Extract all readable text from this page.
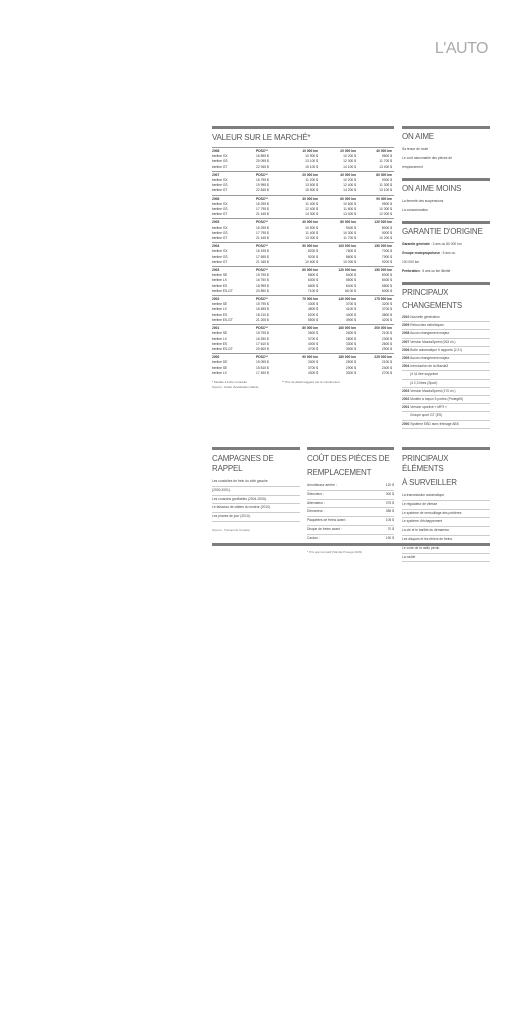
L'AUTO
VALEUR SUR LE MARCHÉ*
2008	PDSC**	10 000 km	20 000 km	40 000 km
berline GX	16 895 $	10 900 $	10 200 $	9600 $
berline GS	20 095 $	13 100 $	12 300 $	11 700 $
berline GT	22 945 $	15 100 $	14 100 $	13 400 $
2007	PDSC**	20 000 km	40 000 km	80 000 km
berline GX	16 795 $	11 200 $	10 200 $	9300 $
berline GS	19 995 $	13 500 $	12 400 $	11 300 $
berline GT	22 845 $	15 500 $	14 200 $	13 100 $
2006	PDSC**	30 000 km	60 000 km	90 000 km
berline GX	16 295 $	11 400 $	10 600 $	9500 $
berline GS	17 795 $	12 400 $	11 600 $	10 300 $
berline GT	21 445 $	14 300 $	13 400 $	12 000 $
2005	PDSC**	40 000 km	80 000 km	120 000 km
berline GX	16 295 $	10 500 $	9400 $	8000 $
berline GS	17 795 $	11 400 $	10 300 $	9000 $
berline GT	21 445 $	13 000 $	11 700 $	10 200 $
2004	PDSC**	50 000 km	100 000 km	150 000 km
berline GX	16 195 $	8200 $	7600 $	7000 $
berline GS	17 695 $	9200 $	8600 $	7900 $
berline GT	21 345 $	10 600 $	10 000 $	9200 $
2003	PDSC**	60 000 km	120 000 km	150 000 km
berline SE	15 795 $	5800 $	5400 $	5000 $
berline LX	16 750 $	6300 $	5800 $	5400 $
berline ES	18 995 $	6800 $	6400 $	5800 $
berline ES-GT	20 890 $	7100 $	66 00 $	6000 $
2002	PDSC**	70 000 km	140 000 km	175 000 km
berline SE	15 795 $	4300 $	3700 $	3200 $
berline LX	16 695 $	4800 $	4100 $	3700 $
berline ES	18 210 $	5200 $	4400 $	3800 $
berline ES-GT	21 205 $	5500 $	4900 $	4200 $
2001	PDSC**	80 000 km	160 000 km	200 000 km
berline SE	15 795 $	3500 $	2600 $	2100 $
berline LX	16 250 $	3700 $	2800 $	2300 $
berline ES	17 610 $	4000 $	3300 $	2600 $
berline ES-GT	20 600 $	4700 $	3900 $	2900 $
2000	PDSC**	90 000 km	180 000 km	225 000 km
berline DE	15 095 $	3300 $	2500 $	2100 $
berline SE	15 815 $	3700 $	2900 $	2400 $
berline LX	17 490 $	4300 $	3300 $	2700 $
* Modèle à boîte manuelle
Source : Guide d'évaluation Hebdo
** Prix de détail suggéré par le constructeur
ON AIME
Sa tenue de route
Le coût raisonnable des pièces de
remplacement
ON AIME MOINS
La fermeté des suspensions
La consommation
GARANTIE D'ORIGINE
Garantie générale : 3 ans ou 80 000 km
Groupe motopropulseur : 5 ans ou
100 000 km
Perforation : 5 ans ou km illimité
PRINCIPAUX
CHANGEMENTS
2010 Nouvelle génération
2009 Retouches esthétiques
2008 Aucun changement majeur
2007 Version MazdaSpeed (263 ch.)
2006 Boîte automatique 5 rapports (2,3 l)
2005 Aucun changement majeur
2004 Introduction de la Mazda3
(4 l,6 litre supprimé
(4 2,3 litres (Sport)
2003 Version MazdaSpeed (170 ch.)
2002 Modèle à hayon 5 portes (Protegé5)
2001 Version sportive « MP3 »
Groupe sport GT (ES)
2000 Système EBD avec freinage ABS
CAMPAGNES DE RAPPEL
Les conduites de frein du côté gauche
(2000-2001).
Les coussins gonflables (2004-2005).
Le faisceau de câbles du moteur (2010).
Les phares de jour (2010).
Source : Transports Canada
COÛT DES PIÈCES DE
REMPLACEMENT
Amortisseur arrière :	120 $
Silencieux :	300 $
Alternateur :	375 $
Démarreur :	385 $
Plaquettes de freins avant :	105 $
Disque de freins avant :	70 $
Cardan :	190 $
* Prix approximatif (Mazda Protegé 2003)
PRINCIPAUX ÉLÉMENTS
À SURVEILLER
La transmission automatique
Le régulateur de vitesse
Le système de verrouillage des portières
Le système d'échappement
La clé et le barillet du démarreur
Les disques et les étriers de freins
Le code de la radio perdu
La rouille
